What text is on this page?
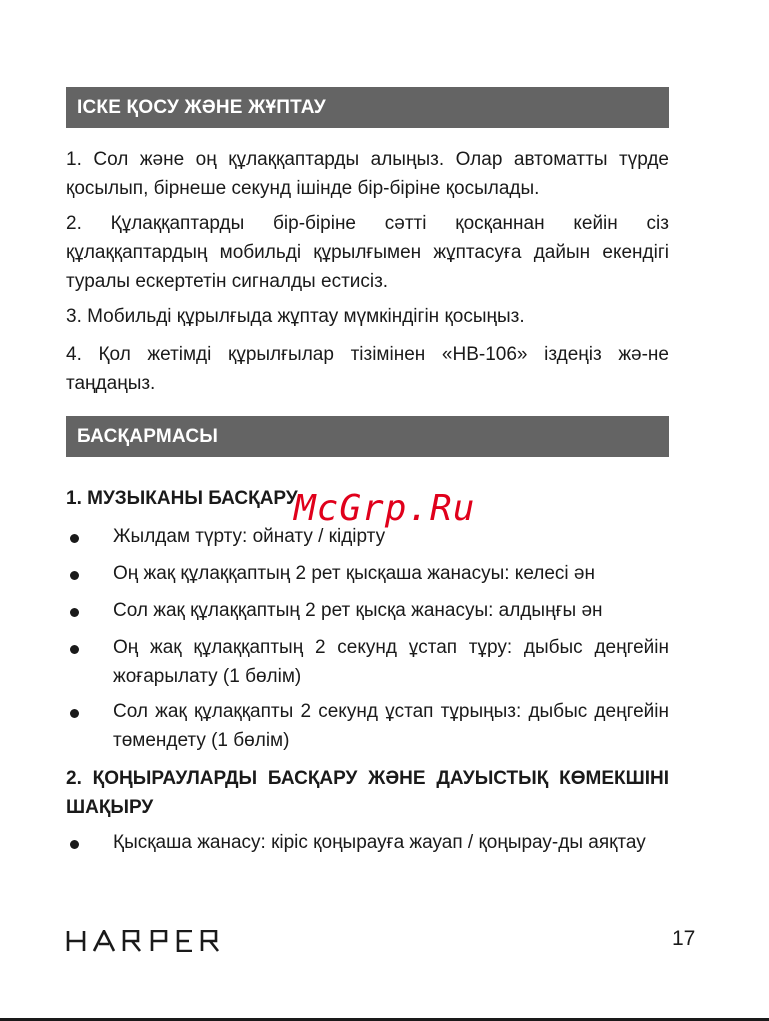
ІСКЕ ҚОСУ ЖӘНЕ ЖҰПТАУ

1. Сол және оң құлаққаптарды алыңыз. Олар автоматты түрде қосылып, бірнеше секунд ішінде бір-біріне қосылады.

2. Құлаққаптарды бір-біріне сәтті қосқаннан кейін сіз құлаққаптардың мобильді құрылғымен жұптасуға дайын екендігі туралы ескертетін сигналды естисіз.

3. Мобильді құрылғыда жұптау мүмкіндігін қосыңыз.

4. Қол жетімді құрылғылар тізімінен «HB-106» іздеңіз жә-не таңдаңыз.

БАСҚАРМАСЫ

1. МУЗЫКАНЫ БАСҚАРУ

Жылдам түрту: ойнату / кідірту
Оң жақ құлаққаптың 2 рет қысқаша жанасуы: келесі ән
Сол жақ құлаққаптың 2 рет қысқа жанасуы: алдыңғы ән
Оң жақ құлаққаптың 2 секунд ұстап тұру: дыбыс деңгейін жоғарылату (1 бөлім)
Сол жақ құлаққапты 2 секунд ұстап тұрыңыз: дыбыс деңгейін төмендету (1 бөлім)

2. ҚОҢЫРАУЛАРДЫ БАСҚАРУ ЖӘНЕ ДАУЫСТЫҚ КӨМЕКШІНІ ШАҚЫРУ

Қысқаша жанасу: кіріс қоңырауға жауап / қоңырау-ды аяқтау
McGrp.Ru
17
